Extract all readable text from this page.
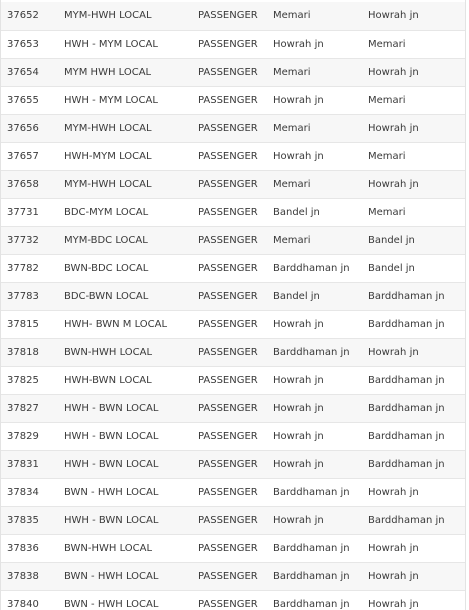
37652	MYM-HWH LOCAL	PASSENGER	Memari	Howrah jn
37653	HWH - MYM LOCAL	PASSENGER	Howrah jn	Memari
37654	MYM HWH LOCAL	PASSENGER	Memari	Howrah jn
37655	HWH - MYM LOCAL	PASSENGER	Howrah jn	Memari
37656	MYM-HWH LOCAL	PASSENGER	Memari	Howrah jn
37657	HWH-MYM LOCAL	PASSENGER	Howrah jn	Memari
37658	MYM-HWH LOCAL	PASSENGER	Memari	Howrah jn
37731	BDC-MYM LOCAL	PASSENGER	Bandel jn	Memari
37732	MYM-BDC LOCAL	PASSENGER	Memari	Bandel jn
37782	BWN-BDC LOCAL	PASSENGER	Barddhaman jn	Bandel jn
37783	BDC-BWN LOCAL	PASSENGER	Bandel jn	Barddhaman jn
37815	HWH- BWN M LOCAL	PASSENGER	Howrah jn	Barddhaman jn
37818	BWN-HWH LOCAL	PASSENGER	Barddhaman jn	Howrah jn
37825	HWH-BWN LOCAL	PASSENGER	Howrah jn	Barddhaman jn
37827	HWH - BWN LOCAL	PASSENGER	Howrah jn	Barddhaman jn
37829	HWH - BWN LOCAL	PASSENGER	Howrah jn	Barddhaman jn
37831	HWH - BWN LOCAL	PASSENGER	Howrah jn	Barddhaman jn
37834	BWN - HWH LOCAL	PASSENGER	Barddhaman jn	Howrah jn
37835	HWH - BWN LOCAL	PASSENGER	Howrah jn	Barddhaman jn
37836	BWN-HWH LOCAL	PASSENGER	Barddhaman jn	Howrah jn
37838	BWN - HWH LOCAL	PASSENGER	Barddhaman jn	Howrah jn
37840	BWN - HWH LOCAL	PASSENGER	Barddhaman jn	Howrah jn
